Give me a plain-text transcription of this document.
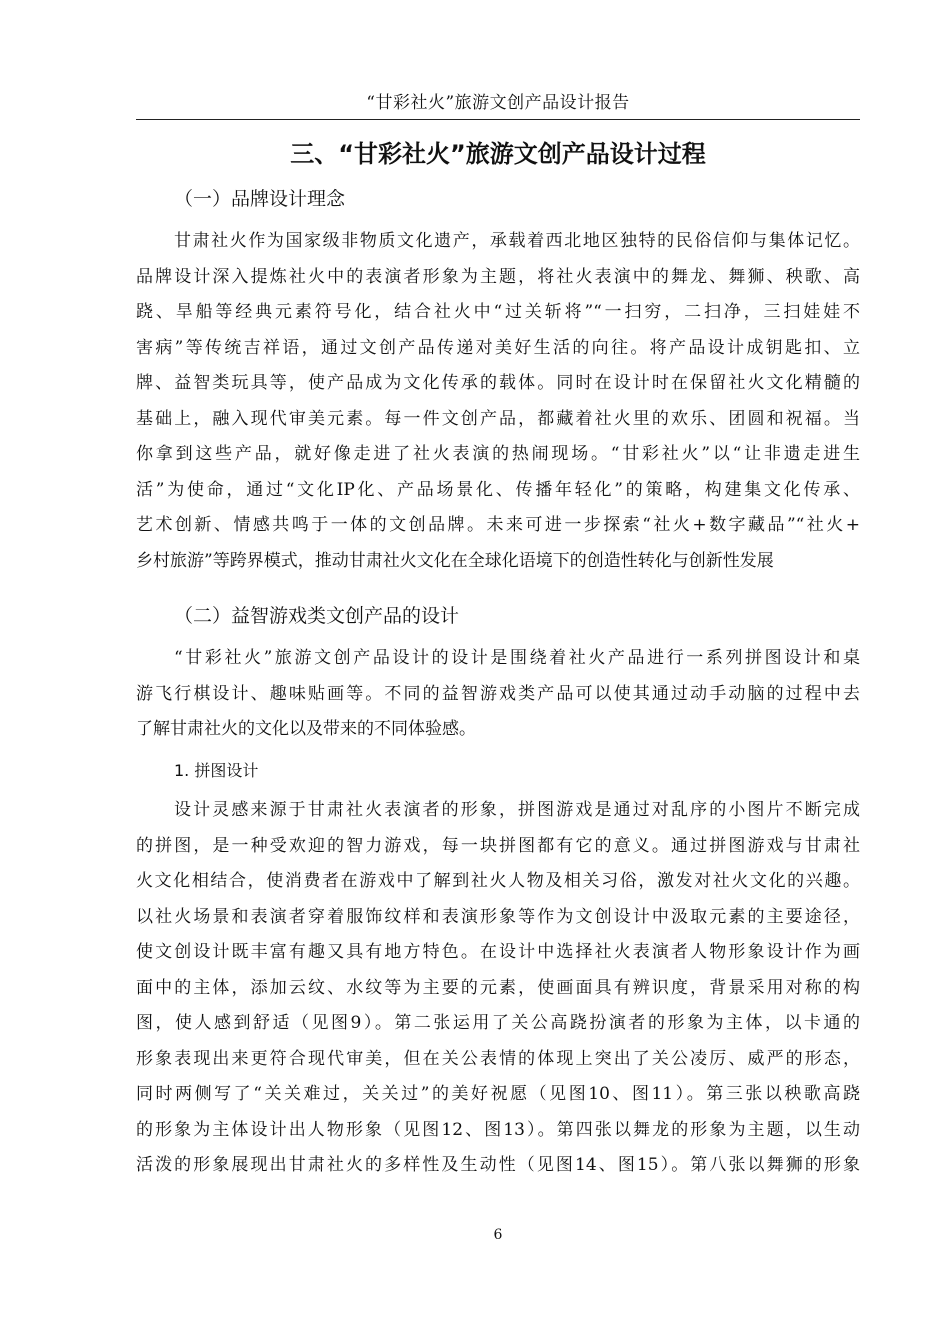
“甘彩社火”旅游文创产品设计报告
三、“甘彩社火”旅游文创产品设计过程
（一）品牌设计理念
甘肃社火作为国家级非物质文化遗产，承载着西北地区独特的民俗信仰与集体记忆。
品牌设计深入提炼社火中的表演者形象为主题，将社火表演中的舞龙、舞狮、秧歌、高
跷、旱船等经典元素符号化，结合社火中“过关斩将”“一扫穷，二扫净，三扫娃娃不
害病”等传统吉祥语，通过文创产品传递对美好生活的向往。将产品设计成钥匙扣、立
牌、益智类玩具等，使产品成为文化传承的载体。同时在设计时在保留社火文化精髓的
基础上，融入现代审美元素。每一件文创产品，都藏着社火里的欢乐、团圆和祝福。当
你拿到这些产品，就好像走进了社火表演的热闹现场。“甘彩社火”以“让非遗走进生
活”为使命，通过“文化IP化、产品场景化、传播年轻化”的策略，构建集文化传承、
艺术创新、情感共鸣于一体的文创品牌。未来可进一步探索“社火+数字藏品”“社火+
乡村旅游”等跨界模式，推动甘肃社火文化在全球化语境下的创造性转化与创新性发展
（二）益智游戏类文创产品的设计
“甘彩社火”旅游文创产品设计的设计是围绕着社火产品进行一系列拼图设计和桌
游飞行棋设计、趣味贴画等。不同的益智游戏类产品可以使其通过动手动脑的过程中去
了解甘肃社火的文化以及带来的不同体验感。
1. 拼图设计
设计灵感来源于甘肃社火表演者的形象，拼图游戏是通过对乱序的小图片不断完成
的拼图，是一种受欢迎的智力游戏，每一块拼图都有它的意义。通过拼图游戏与甘肃社
火文化相结合，使消费者在游戏中了解到社火人物及相关习俗，激发对社火文化的兴趣。
以社火场景和表演者穿着服饰纹样和表演形象等作为文创设计中汲取元素的主要途径，
使文创设计既丰富有趣又具有地方特色。在设计中选择社火表演者人物形象设计作为画
面中的主体，添加云纹、水纹等为主要的元素，使画面具有辨识度，背景采用对称的构
图，使人感到舒适（见图9）。第二张运用了关公高跷扮演者的形象为主体，以卡通的
形象表现出来更符合现代审美，但在关公表情的体现上突出了关公凌厉、威严的形态，
同时两侧写了“关关难过，关关过”的美好祝愿（见图10、图11）。第三张以秧歌高跷
的形象为主体设计出人物形象（见图12、图13）。第四张以舞龙的形象为主题，以生动
活泼的形象展现出甘肃社火的多样性及生动性（见图14、图15）。第八张以舞狮的形象
6
